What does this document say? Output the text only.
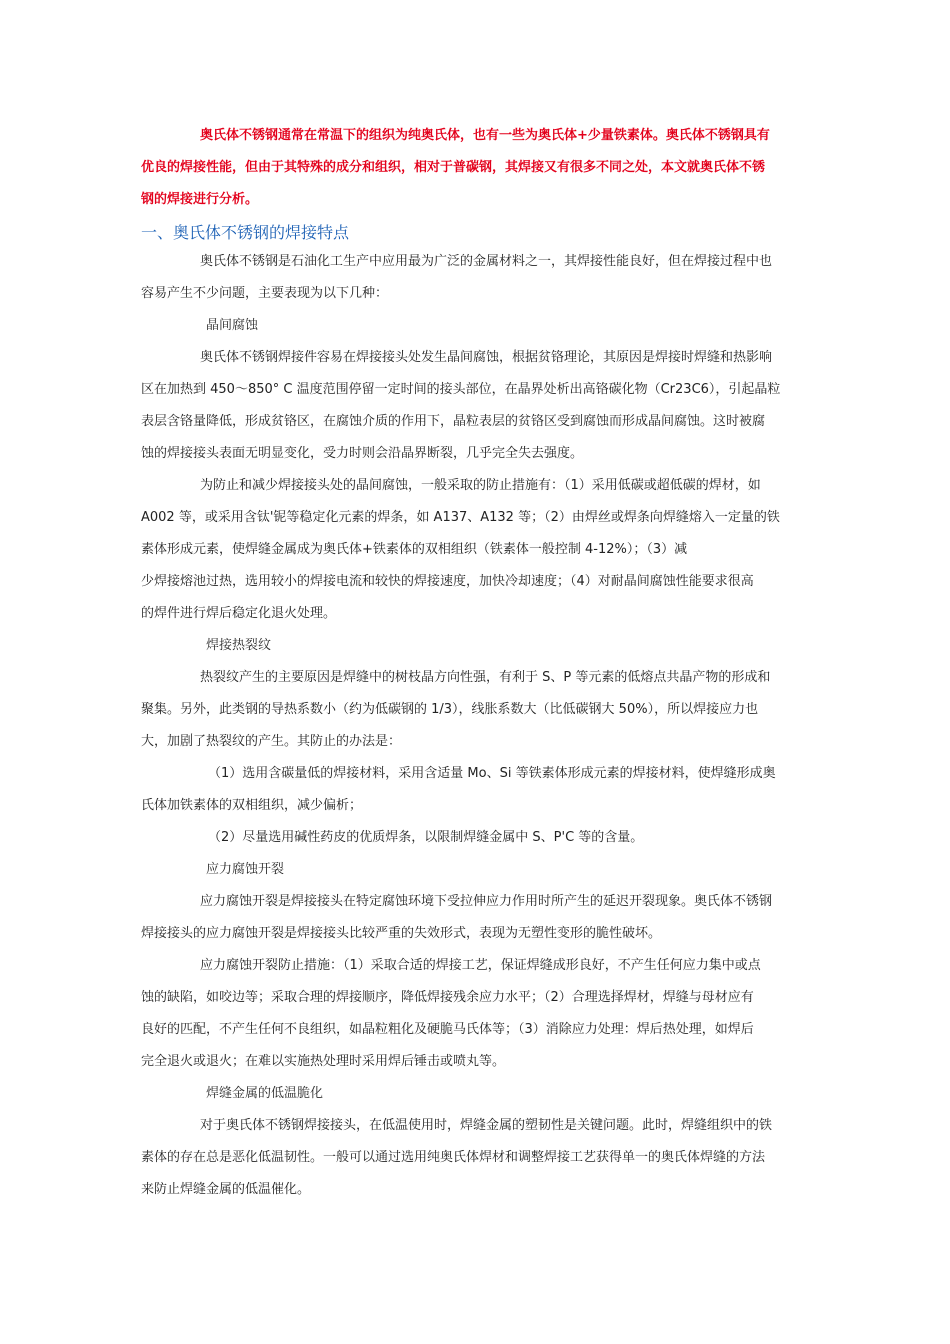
奥氏体不锈钢通常在常温下的组织为纯奥氏体，也有一些为奥氏体+少量铁素体。奥氏体不锈钢具有
优良的焊接性能，但由于其特殊的成分和组织，相对于普碳钢，其焊接又有很多不同之处，本文就奥氏体不锈
钢的焊接进行分析。
一、奥氏体不锈钢的焊接特点
奥氏体不锈钢是石油化工生产中应用最为广泛的金属材料之一，其焊接性能良好，但在焊接过程中也
容易产生不少问题，主要表现为以下几种：
晶间腐蚀
奥氏体不锈钢焊接件容易在焊接接头处发生晶间腐蚀，根据贫铬理论，其原因是焊接时焊缝和热影响
区在加热到 450～850° C 温度范围停留一定时间的接头部位，在晶界处析出高铬碳化物（Cr23C6），引起晶粒
表层含铬量降低，形成贫铬区，在腐蚀介质的作用下，晶粒表层的贫铬区受到腐蚀而形成晶间腐蚀。这时被腐
蚀的焊接接头表面无明显变化，受力时则会沿晶界断裂，几乎完全失去强度。
为防止和减少焊接接头处的晶间腐蚀，一般采取的防止措施有：（1）采用低碳或超低碳的焊材，如
A002 等，或采用含钛'铌等稳定化元素的焊条，如 A137、A132 等；（2）由焊丝或焊条向焊缝熔入一定量的铁
素体形成元素，使焊缝金属成为奥氏体+铁素体的双相组织（铁素体一般控制 4-12%）；（3）减
少焊接熔池过热，选用较小的焊接电流和较快的焊接速度，加快冷却速度；（4）对耐晶间腐蚀性能要求很高
的焊件进行焊后稳定化退火处理。
焊接热裂纹
热裂纹产生的主要原因是焊缝中的树枝晶方向性强，有利于 S、P 等元素的低熔点共晶产物的形成和
聚集。另外，此类钢的导热系数小（约为低碳钢的 1/3），线胀系数大（比低碳钢大 50%），所以焊接应力也
大，加剧了热裂纹的产生。其防止的办法是：
（1）选用含碳量低的焊接材料，采用含适量 Mo、Si 等铁素体形成元素的焊接材料，使焊缝形成奥
氏体加铁素体的双相组织，减少偏析；
（2）尽量选用碱性药皮的优质焊条，以限制焊缝金属中 S、P'C 等的含量。
应力腐蚀开裂
应力腐蚀开裂是焊接接头在特定腐蚀环境下受拉伸应力作用时所产生的延迟开裂现象。奥氏体不锈钢
焊接接头的应力腐蚀开裂是焊接接头比较严重的失效形式，表现为无塑性变形的脆性破坏。
应力腐蚀开裂防止措施：（1）采取合适的焊接工艺，保证焊缝成形良好，不产生任何应力集中或点
蚀的缺陷，如咬边等；采取合理的焊接顺序，降低焊接残余应力水平；（2）合理选择焊材，焊缝与母材应有
良好的匹配，不产生任何不良组织，如晶粒粗化及硬脆马氏体等；（3）消除应力处理：焊后热处理，如焊后
完全退火或退火；在难以实施热处理时采用焊后锤击或喷丸等。
焊缝金属的低温脆化
对于奥氏体不锈钢焊接接头，在低温使用时，焊缝金属的塑韧性是关键问题。此时，焊缝组织中的铁
素体的存在总是恶化低温韧性。一般可以通过选用纯奥氏体焊材和调整焊接工艺获得单一的奥氏体焊缝的方法
来防止焊缝金属的低温催化。
